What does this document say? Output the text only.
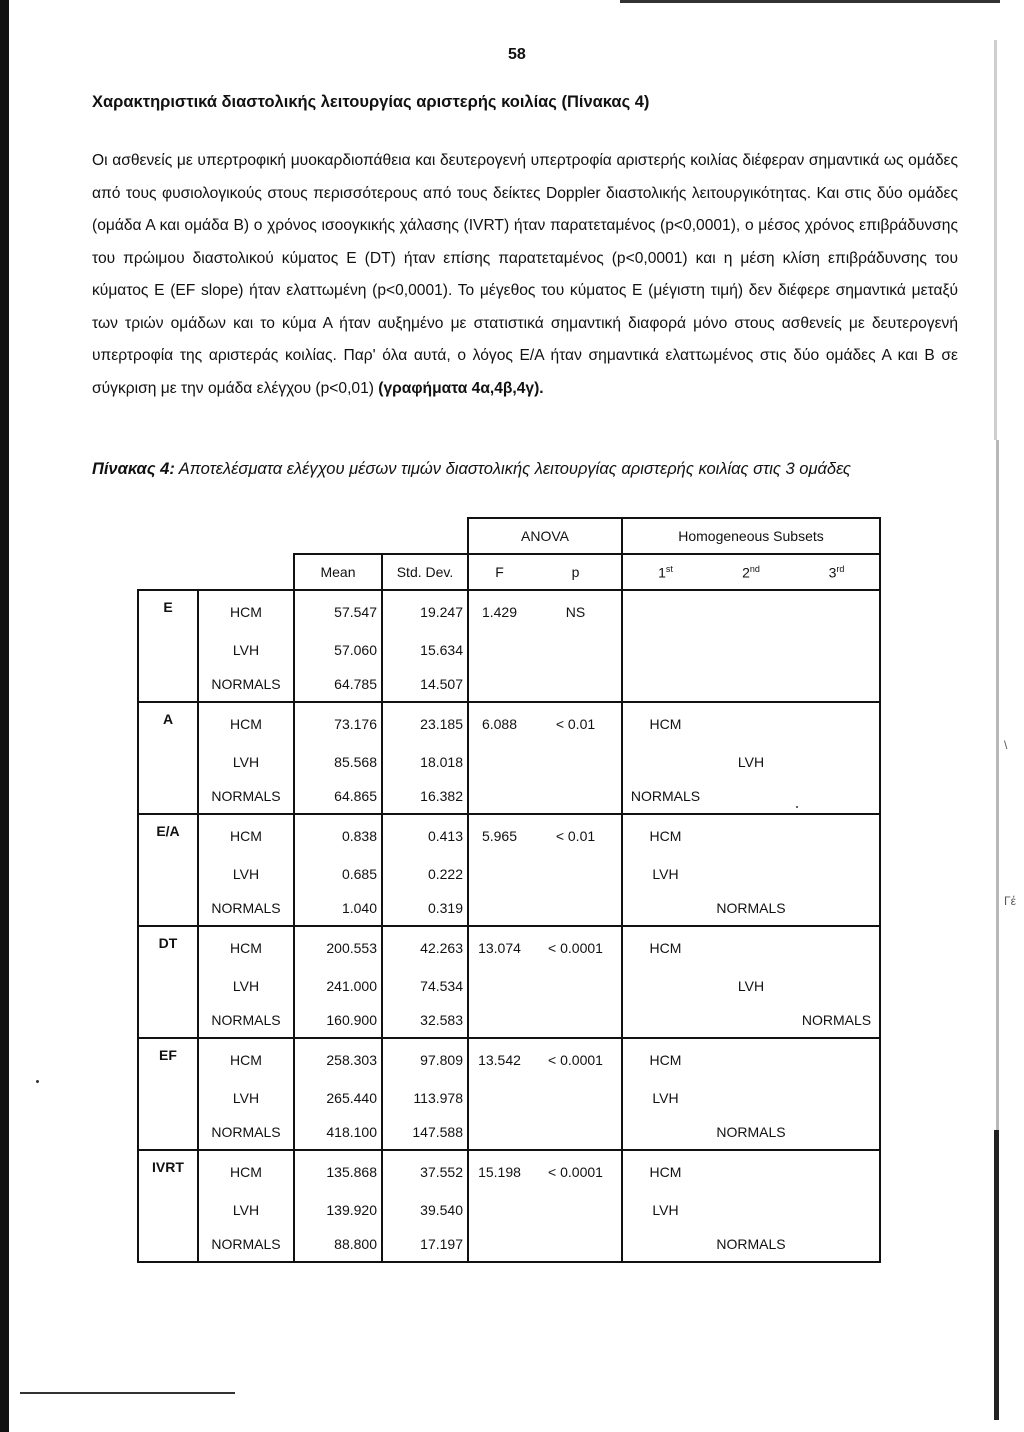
\
Γέ
58
Χαρακτηριστικά διαστολικής λειτουργίας αριστερής κοιλίας (Πίνακας 4)
Οι ασθενείς με υπερτροφική μυοκαρδιοπάθεια και δευτερογενή υπερτροφία αριστερής κοιλίας διέφεραν σημαντικά ως ομάδες από τους φυσιολογικούς στους περισσότερους από τους δείκτες Doppler διαστολικής λειτουργικότητας. Και στις δύο ομάδες (ομάδα Α και ομάδα Β) ο χρόνος ισοογκικής χάλασης (IVRT) ήταν παρατεταμένος (p<0,0001), ο μέσος χρόνος επιβράδυνσης του πρώιμου διαστολικού κύματος Ε (DT) ήταν επίσης παρατεταμένος (p<0,0001) και η μέση κλίση επιβράδυνσης του κύματος Ε (EF slope) ήταν ελαττωμένη (p<0,0001). Το μέγεθος του κύματος Ε (μέγιστη τιμή) δεν διέφερε σημαντικά μεταξύ των τριών ομάδων και το κύμα Α ήταν αυξημένο με στατιστικά σημαντική διαφορά μόνο στους ασθενείς με δευτερογενή υπερτροφία της αριστεράς κοιλίας. Παρ' όλα αυτά, ο λόγος Ε/Α ήταν σημαντικά ελαττωμένος στις δύο ομάδες Α και Β σε σύγκριση με την ομάδα ελέγχου (p<0,01) (γραφήματα 4α,4β,4γ).
Πίνακας 4: Αποτελέσματα ελέγχου μέσων τιμών διαστολικής λειτουργίας αριστερής κοιλίας στις 3 ομάδες
				ANOVA		Homogeneous Subsets		
		Mean	Std. Dev.	F	p	1st	2nd	3rd
E	HCM	57.547	19.247	1.429	NS			
	LVH	57.060	15.634					
	NORMALS	64.785	14.507					
A	HCM	73.176	23.185	6.088	< 0.01	HCM		
	LVH	85.568	18.018				LVH	
	NORMALS	64.865	16.382			NORMALS		
E/A	HCM	0.838	0.413	5.965	< 0.01	HCM		
	LVH	0.685	0.222			LVH		
	NORMALS	1.040	0.319				NORMALS	
DT	HCM	200.553	42.263	13.074	< 0.0001	HCM		
	LVH	241.000	74.534				LVH	
	NORMALS	160.900	32.583					NORMALS
EF	HCM	258.303	97.809	13.542	< 0.0001	HCM		
	LVH	265.440	113.978			LVH		
	NORMALS	418.100	147.588				NORMALS	
IVRT	HCM	135.868	37.552	15.198	< 0.0001	HCM		
	LVH	139.920	39.540			LVH		
	NORMALS	88.800	17.197				NORMALS	
